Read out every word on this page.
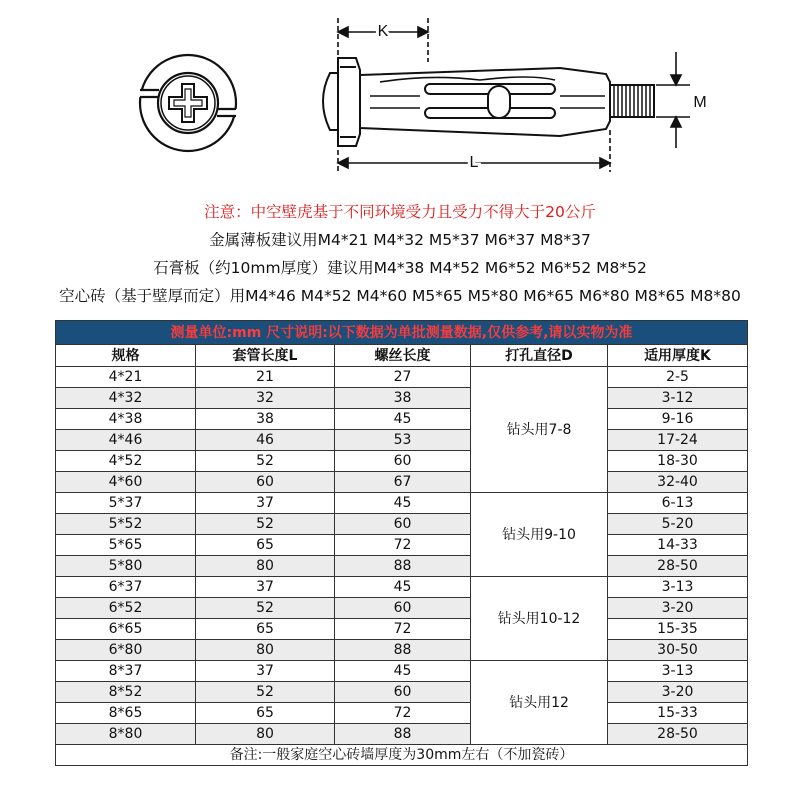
K
M
L
注意：中空壁虎基于不同环境受力且受力不得大于20公斤
金属薄板建议用M4*21 M4*32 M5*37 M6*37 M8*37
石膏板（约10mm厚度）建议用M4*38 M4*52 M6*52 M6*52 M8*52
空心砖（基于壁厚而定）用M4*46 M4*52 M4*60 M5*65 M5*80 M6*65 M6*80 M8*65 M8*80
测量单位:mm 尺寸说明:以下数据为单批测量数据,仅供参考,请以实物为准				
规格	套管长度L	螺丝长度	打孔直径D	适用厚度K
4*21	21	27	钻头用7-8	2-5
4*32	32	38		3-12
4*38	38	45		9-16
4*46	46	53		17-24
4*52	52	60		18-30
4*60	60	67		32-40
5*37	37	45	钻头用9-10	6-13
5*52	52	60		5-20
5*65	65	72		14-33
5*80	80	88		28-50
6*37	37	45	钻头用10-12	3-13
6*52	52	60		3-20
6*65	65	72		15-35
6*80	80	88		30-50
8*37	37	45	钻头用12	3-13
8*52	52	60		3-20
8*65	65	72		15-33
8*80	80	88		28-50
备注:一般家庭空心砖墙厚度为30mm左右（不加瓷砖）				
